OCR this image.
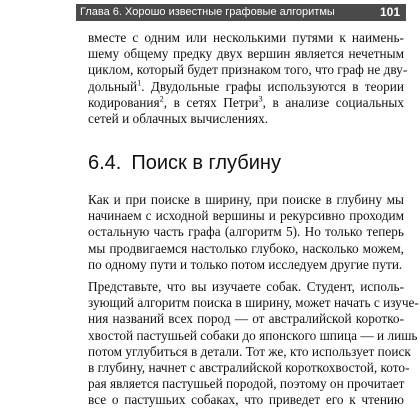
Глава 6. Хорошо известные графовые алгоритмы	101
вместе с одним или несколькими путями к наимень-
шему общему предку двух вершин является нечетным
циклом, который будет признаком того, что граф не дву-
дольный$^1$. Двудольные графы используются в теории
кодирования$^2$, в сетях Петри$^3$, в анализе социальных
сетей и облачных вычислениях.
6.4. Поиск в глубину
Как и при поиске в ширину, при поиске в глубину мы
начинаем с исходной вершины и рекурсивно проходим
остальную часть графа (алгоритм 5). Но только теперь
мы продвигаемся настолько глубоко, насколько можем,
по одному пути и только потом исследуем другие пути.
Представьте, что вы изучаете собак. Студент, исполь-
зующий алгоритм поиска в ширину, может начать с изуче-
ния названий всех пород — от австралийской коротко-
хвостой пастушьей собаки до японского шпица — и лишь
потом углубиться в детали. Тот же, кто использует поиск
в глубину, начнет с австралийской короткохвостой, кото-
рая является пастушьей породой, поэтому он прочитает
все о пастушьих собаках, что приведет его к чтению
